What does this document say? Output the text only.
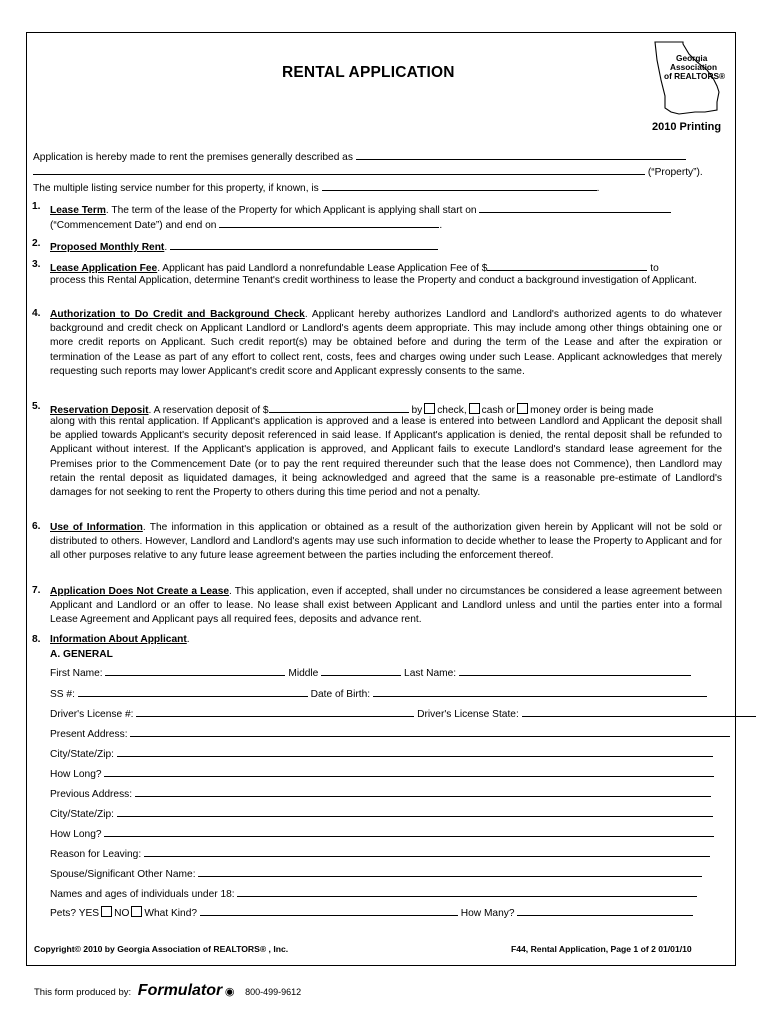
RENTAL APPLICATION
Georgia
Association
of REALTORS®
2010 Printing
Application is hereby made to rent the premises generally described as
(“Property”).
The multiple listing service number for this property, if known, is	.
1. Lease Term. The term of the lease of the Property for which Applicant is applying shall start on
(“Commencement Date”) and end on	.
2. Proposed Monthly Rent.
3. Lease Application Fee. Applicant has paid Landlord a nonrefundable Lease Application Fee of $	to
process this Rental Application, determine Tenant's credit worthiness to lease the Property and conduct a background investigation of Applicant.
4. Authorization to Do Credit and Background Check. Applicant hereby authorizes Landlord and Landlord's authorized agents to do whatever background and credit check on Applicant Landlord or Landlord's agents deem appropriate. This may include among other things obtaining one or more credit reports on Applicant. Such credit report(s) may be obtained before and during the term of the Lease and after the expiration or termination of the Lease as part of any effort to collect rent, costs, fees and charges owing under such Lease. Applicant acknowledges that merely requesting such reports may lower Applicant's credit score and Applicant expressly consents to the same.
5. Reservation Deposit. A reservation deposit of $	by check, cash or money order is being made
along with this rental application. If Applicant's application is approved and a lease is entered into between Landlord and Applicant the deposit shall be applied towards Applicant's security deposit referenced in said lease. If Applicant's application is denied, the rental deposit shall be refunded to Applicant without interest. If the Applicant's application is approved, and Applicant fails to execute Landlord's standard lease agreement for the Premises prior to the Commencement Date (or to pay the rent required thereunder such that the lease does not Commence), then Landlord may retain the rental deposit as liquidated damages, it being acknowledged and agreed that the same is a reasonable pre-estimate of Landlord's damages for not seeking to rent the Property to others during this time period and not a penalty.
6. Use of Information. The information in this application or obtained as a result of the authorization given herein by Applicant will not be sold or distributed to others. However, Landlord and Landlord's agents may use such information to decide whether to lease the Property to Applicant and for all other purposes relative to any future lease agreement between the parties including the enforcement thereof.
7. Application Does Not Create a Lease. This application, even if accepted, shall under no circumstances be considered a lease agreement between Applicant and Landlord or an offer to lease. No lease shall exist between Applicant and Landlord unless and until the parties enter into a formal Lease Agreement and Applicant pays all required fees, deposits and advance rent.
8. Information About Applicant.
A. GENERAL
First Name:	Middle	Last Name:
SS #:	Date of Birth:
Driver's License #:	Driver's License State:
Present Address:
City/State/Zip:
How Long?
Previous Address:
City/State/Zip:
How Long?
Reason for Leaving:
Spouse/Significant Other Name:
Names and ages of individuals under 18:
Pets? YES NO What Kind?	How Many?
Copyright© 2010 by Georgia Association of REALTORS® , Inc.	F44, Rental Application, Page 1 of 2 01/01/10
This form produced by: Formulator ◉ 800-499-9612
